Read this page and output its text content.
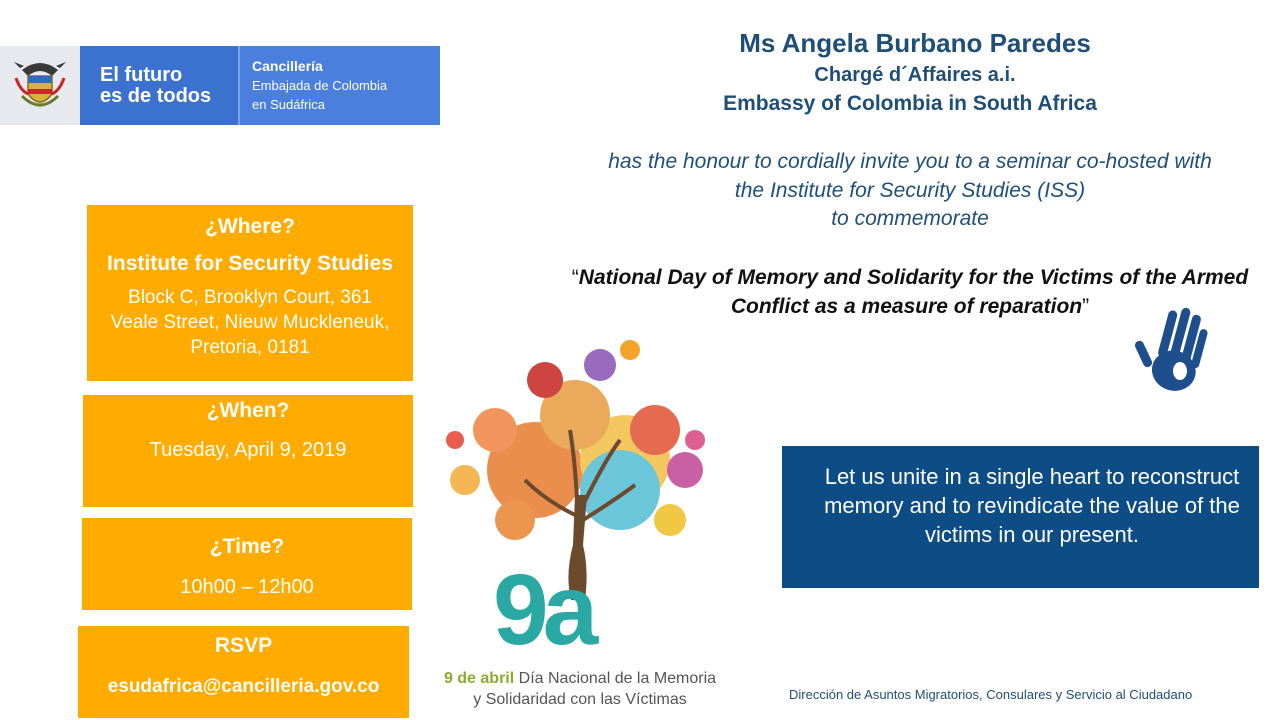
El futuro
es de todos
Cancillería
Embajada de Colombia
en Sudáfrica
Ms Angela Burbano Paredes
Chargé d´Affaires a.i.
Embassy of Colombia in South Africa
has the honour to cordially invite you to a seminar co-hosted with
the Institute for Security Studies (ISS)
to commemorate
“National Day of Memory and Solidarity for the Victims of the Armed Conflict as a measure of reparation”
9a
9 de abril Día Nacional de la Memoria
y Solidaridad con las Víctimas
¿Where?
Institute for Security Studies
Block C, Brooklyn Court, 361
Veale Street, Nieuw Muckleneuk,
Pretoria, 0181
¿When?
Tuesday, April 9, 2019
¿Time?
10h00 – 12h00
RSVP
esudafrica@cancilleria.gov.co
Let us unite in a single heart to reconstruct memory and to revindicate the value of the victims in our present.
Dirección de Asuntos Migratorios, Consulares y Servicio al Ciudadano
